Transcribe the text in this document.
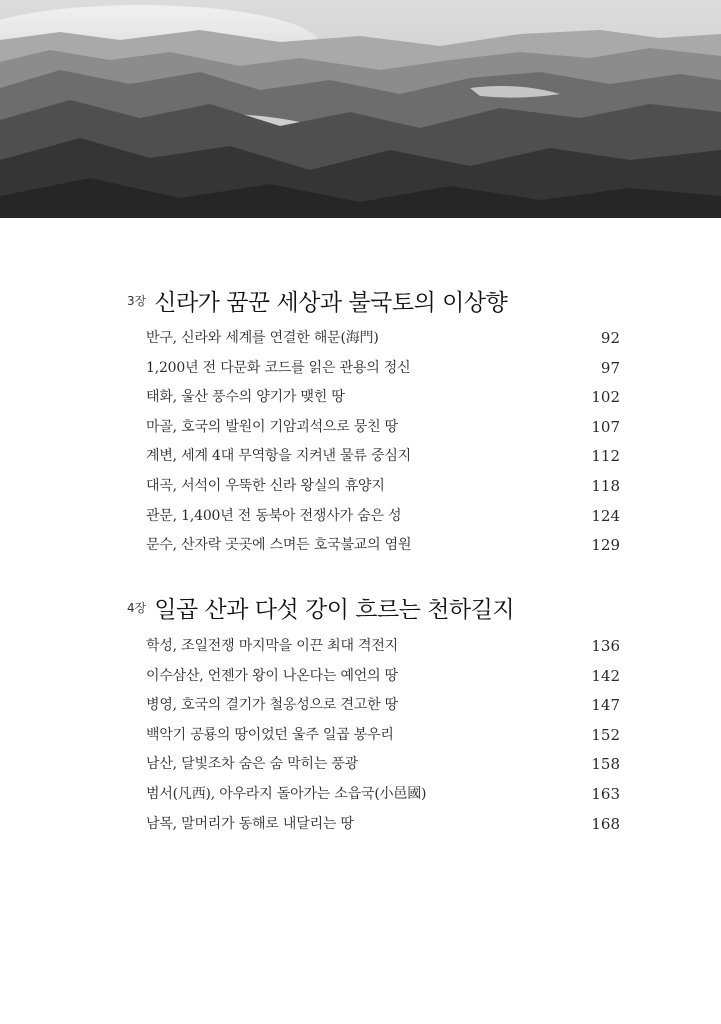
$^{3장}$ 신라가 꿈꾼 세상과 불국토의 이상향
반구, 신라와 세계를 연결한 해문(海門)	92
1,200년 전 다문화 코드를 읽은 관용의 정신	97
태화, 울산 풍수의 양기가 맺힌 땅	102
마골, 호국의 발원이 기암괴석으로 뭉친 땅	107
계변, 세계 4대 무역항을 지켜낸 물류 중심지	112
대곡, 서석이 우뚝한 신라 왕실의 휴양지	118
관문, 1,400년 전 동북아 전쟁사가 숨은 성	124
문수, 산자락 곳곳에 스며든 호국불교의 염원	129
$^{4장}$ 일곱 산과 다섯 강이 흐르는 천하길지
학성, 조일전쟁 마지막을 이끈 최대 격전지	136
이수삼산, 언젠가 왕이 나온다는 예언의 땅	142
병영, 호국의 결기가 철옹성으로 견고한 땅	147
백악기 공룡의 땅이었던 울주 일곱 봉우리	152
남산, 달빛조차 숨은 숨 막히는 풍광	158
범서(凡西), 아우라지 돌아가는 소읍국(小邑國)	163
남목, 말머리가 동해로 내달리는 땅	168
